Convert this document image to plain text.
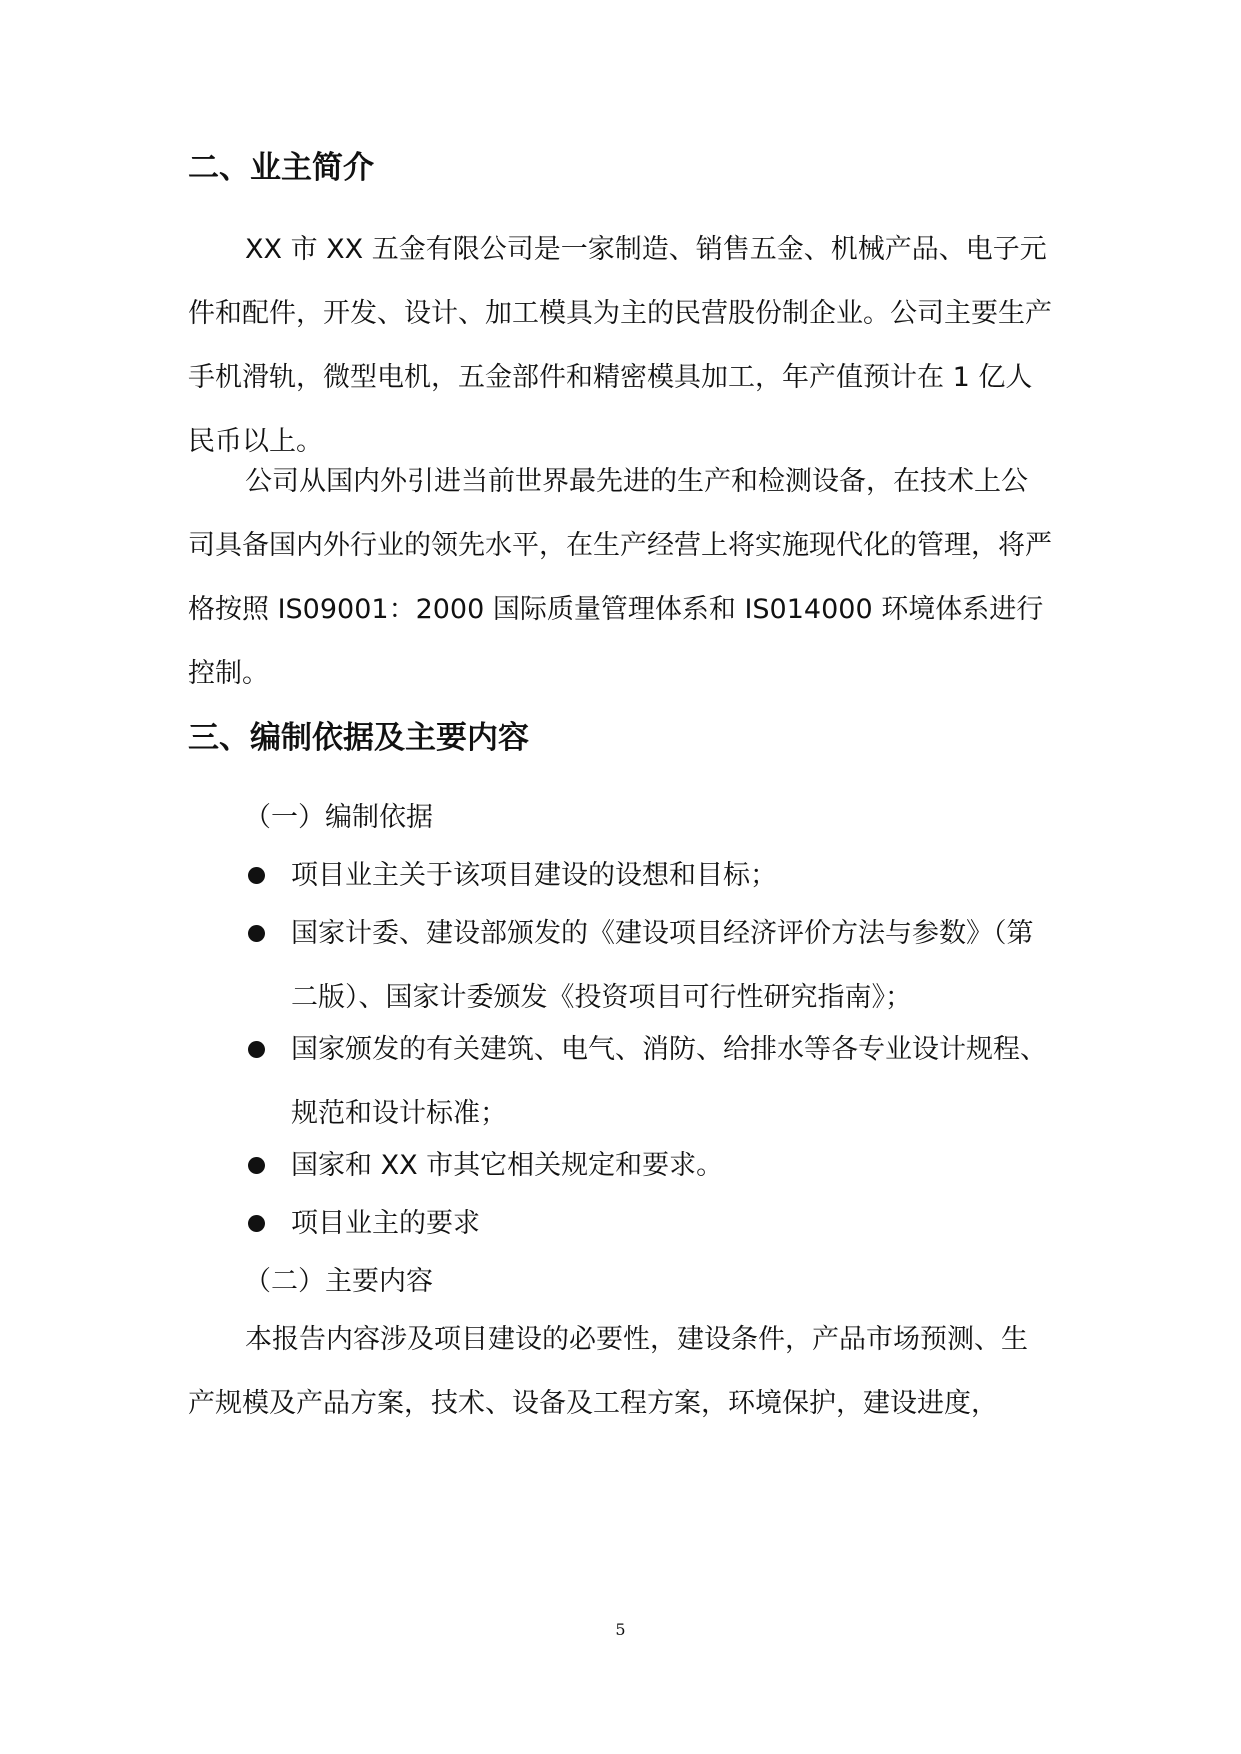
二、业主简介
XX 市 XX 五金有限公司是一家制造、销售五金、机械产品、电子元件和配件，开发、设计、加工模具为主的民营股份制企业。公司主要生产手机滑轨，微型电机，五金部件和精密模具加工，年产值预计在 1 亿人民币以上。
公司从国内外引进当前世界最先进的生产和检测设备，在技术上公司具备国内外行业的领先水平，在生产经营上将实施现代化的管理，将严格按照 IS09001：2000 国际质量管理体系和 IS014000 环境体系进行控制。
三、编制依据及主要内容
（一）编制依据
项目业主关于该项目建设的设想和目标；
国家计委、建设部颁发的《建设项目经济评价方法与参数》（第二版）、国家计委颁发《投资项目可行性研究指南》；
国家颁发的有关建筑、电气、消防、给排水等各专业设计规程、规范和设计标准；
国家和 XX 市其它相关规定和要求。
项目业主的要求
（二）主要内容
本报告内容涉及项目建设的必要性，建设条件，产品市场预测、生产规模及产品方案，技术、设备及工程方案，环境保护，建设进度，
5
